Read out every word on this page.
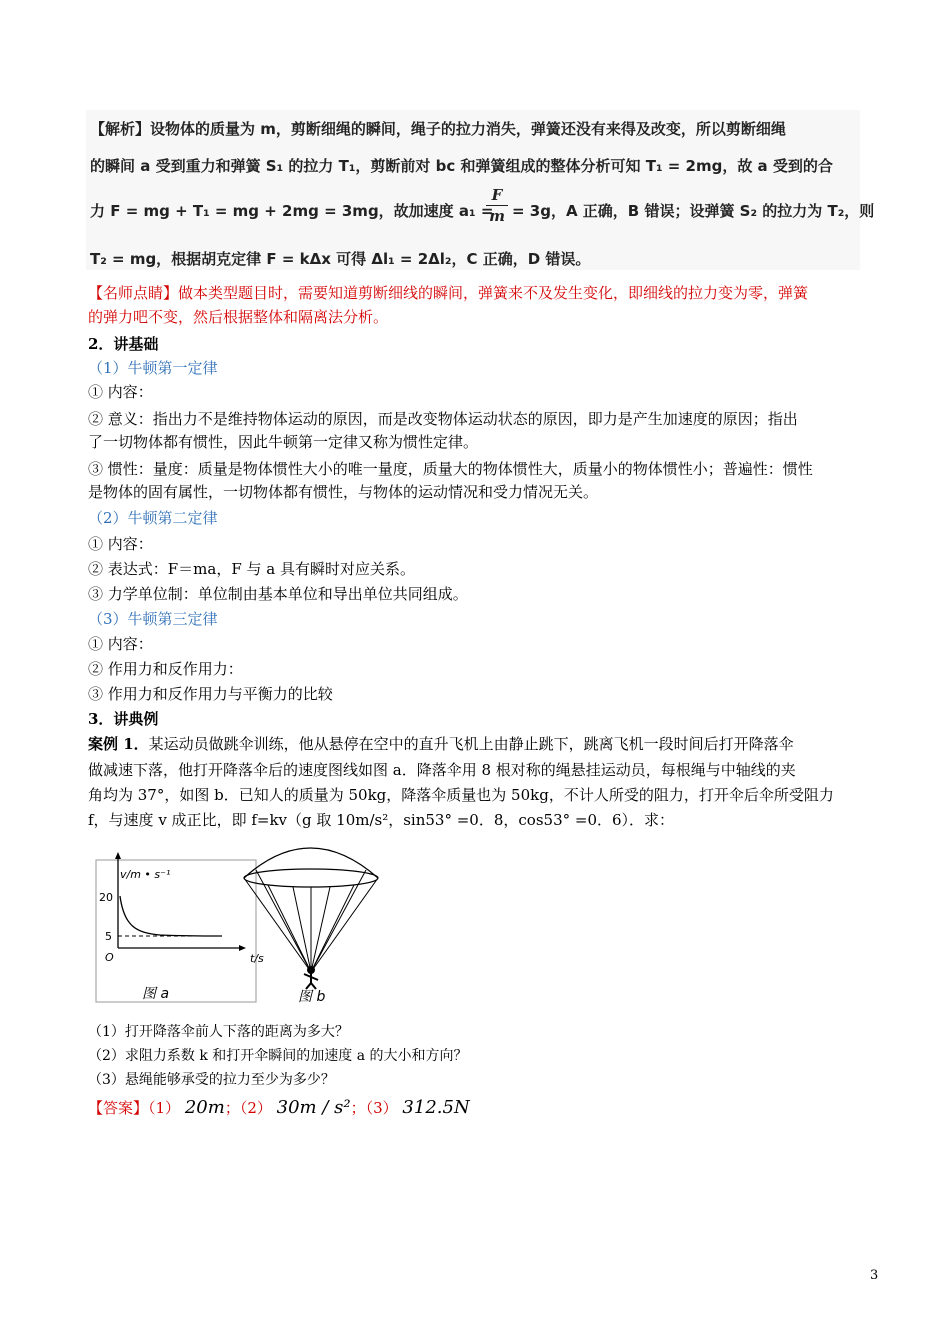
【解析】设物体的质量为 m，剪断细绳的瞬间，绳子的拉力消失，弹簧还没有来得及改变，所以剪断细绳
的瞬间 a 受到重力和弹簧 S₁ 的拉力 T₁，剪断前对 bc 和弹簧组成的整体分析可知 T₁ = 2mg，故 a 受到的合
力 F = mg + T₁ = mg + 2mg = 3mg，故加速度 a₁ =
F
m = 3g，A 正确，B 错误；设弹簧 S₂ 的拉力为 T₂，则
T₂ = mg，根据胡克定律 F = kΔx 可得 Δl₁ = 2Δl₂，C 正确，D 错误。
【名师点睛】做本类型题目时，需要知道剪断细线的瞬间，弹簧来不及发生变化，即细线的拉力变为零，弹簧
的弹力吧不变，然后根据整体和隔离法分析。
2．讲基础
（1）牛顿第一定律
① 内容：
② 意义：指出力不是维持物体运动的原因，而是改变物体运动状态的原因，即力是产生加速度的原因；指出
了一切物体都有惯性，因此牛顿第一定律又称为惯性定律。
③ 惯性：量度：质量是物体惯性大小的唯一量度，质量大的物体惯性大，质量小的物体惯性小；普遍性：惯性
是物体的固有属性，一切物体都有惯性，与物体的运动情况和受力情况无关。
（2）牛顿第二定律
① 内容：
② 表达式：F＝ma，F 与 a 具有瞬时对应关系。
③ 力学单位制：单位制由基本单位和导出单位共同组成。
（3）牛顿第三定律
① 内容：
② 作用力和反作用力：
③ 作用力和反作用力与平衡力的比较
3．讲典例
案例 1．某运动员做跳伞训练，他从悬停在空中的直升飞机上由静止跳下，跳离飞机一段时间后打开降落伞
做减速下落，他打开降落伞后的速度图线如图 a．降落伞用 8 根对称的绳悬挂运动员，每根绳与中轴线的夹
角均为 37°，如图 b．已知人的质量为 50kg，降落伞质量也为 50kg，不计人所受的阻力，打开伞后伞所受阻力
f，与速度 v 成正比，即 f=kv（g 取 10m/s²，sin53° =0．8，cos53° =0．6）．求：
v/m • s⁻¹
t/s
20
5
O
图 a	图 b
（1）打开降落伞前人下落的距离为多大？
（2）求阻力系数 k 和打开伞瞬间的加速度 a 的大小和方向？
（3）悬绳能够承受的拉力至少为多少？
【答案】（1） 20m；（2） 30m / s²；（3） 312.5N
3
